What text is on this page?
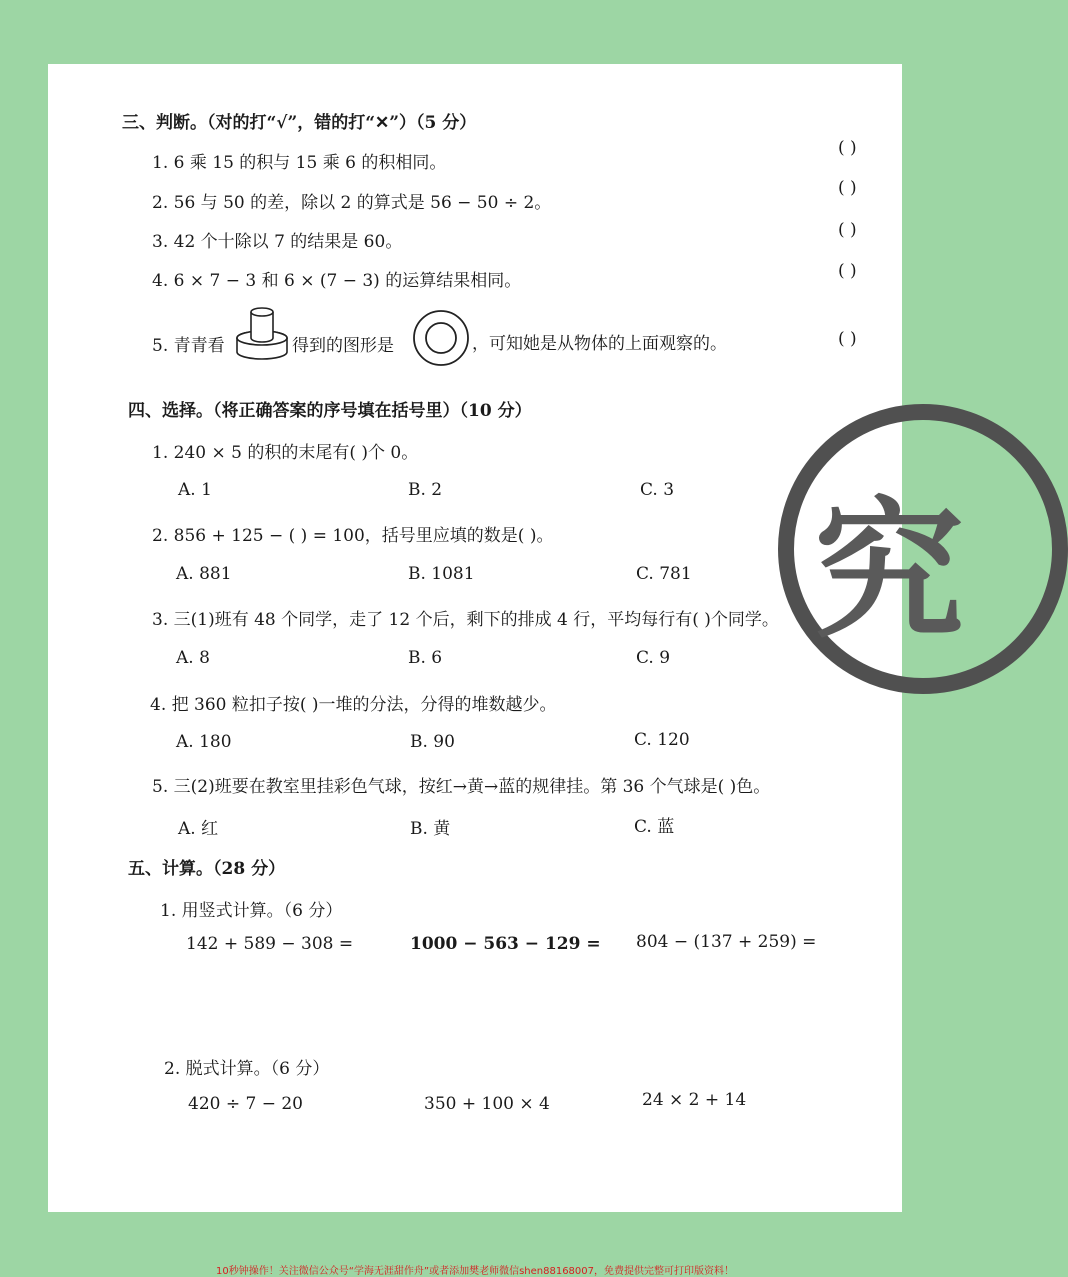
三、判断。（对的打“√”，错的打“✕”）（5 分）
1. 6 乘 15 的积与 15 乘 6 的积相同。
( )
2. 56 与 50 的差，除以 2 的算式是 56 − 50 ÷ 2。
( )
3. 42 个十除以 7 的结果是 60。
( )
4. 6 × 7 − 3 和 6 × (7 − 3) 的运算结果相同。	( )
5. 青青看	得到的图形是	，可知她是从物体的上面观察的。	( )
四、选择。（将正确答案的序号填在括号里）（10 分）
1. 240 × 5 的积的末尾有( )个 0。
A. 1	B. 2	C. 3
2. 856 + 125 − ( ) = 100，括号里应填的数是( )。
A. 881	B. 1081	C. 781
3. 三(1)班有 48 个同学，走了 12 个后，剩下的排成 4 行，平均每行有( )个同学。
A. 8	B. 6	C. 9
4. 把 360 粒扣子按( )一堆的分法，分得的堆数越少。
A. 180	B. 90	C. 120
5. 三(2)班要在教室里挂彩色气球，按红→黄→蓝的规律挂。第 36 个气球是( )色。
A. 红	B. 黄	C. 蓝
五、计算。（28 分）
1. 用竖式计算。（6 分）
142 + 589 − 308 =	1000 − 563 − 129 = 804 − (137 + 259) =
2. 脱式计算。（6 分）
420 ÷ 7 − 20	350 + 100 × 4	24 × 2 + 14
究
10秒钟操作！关注微信公众号“学海无涯甜作舟”或者添加樊老师微信shen88168007，免费提供完整可打印版资料！
